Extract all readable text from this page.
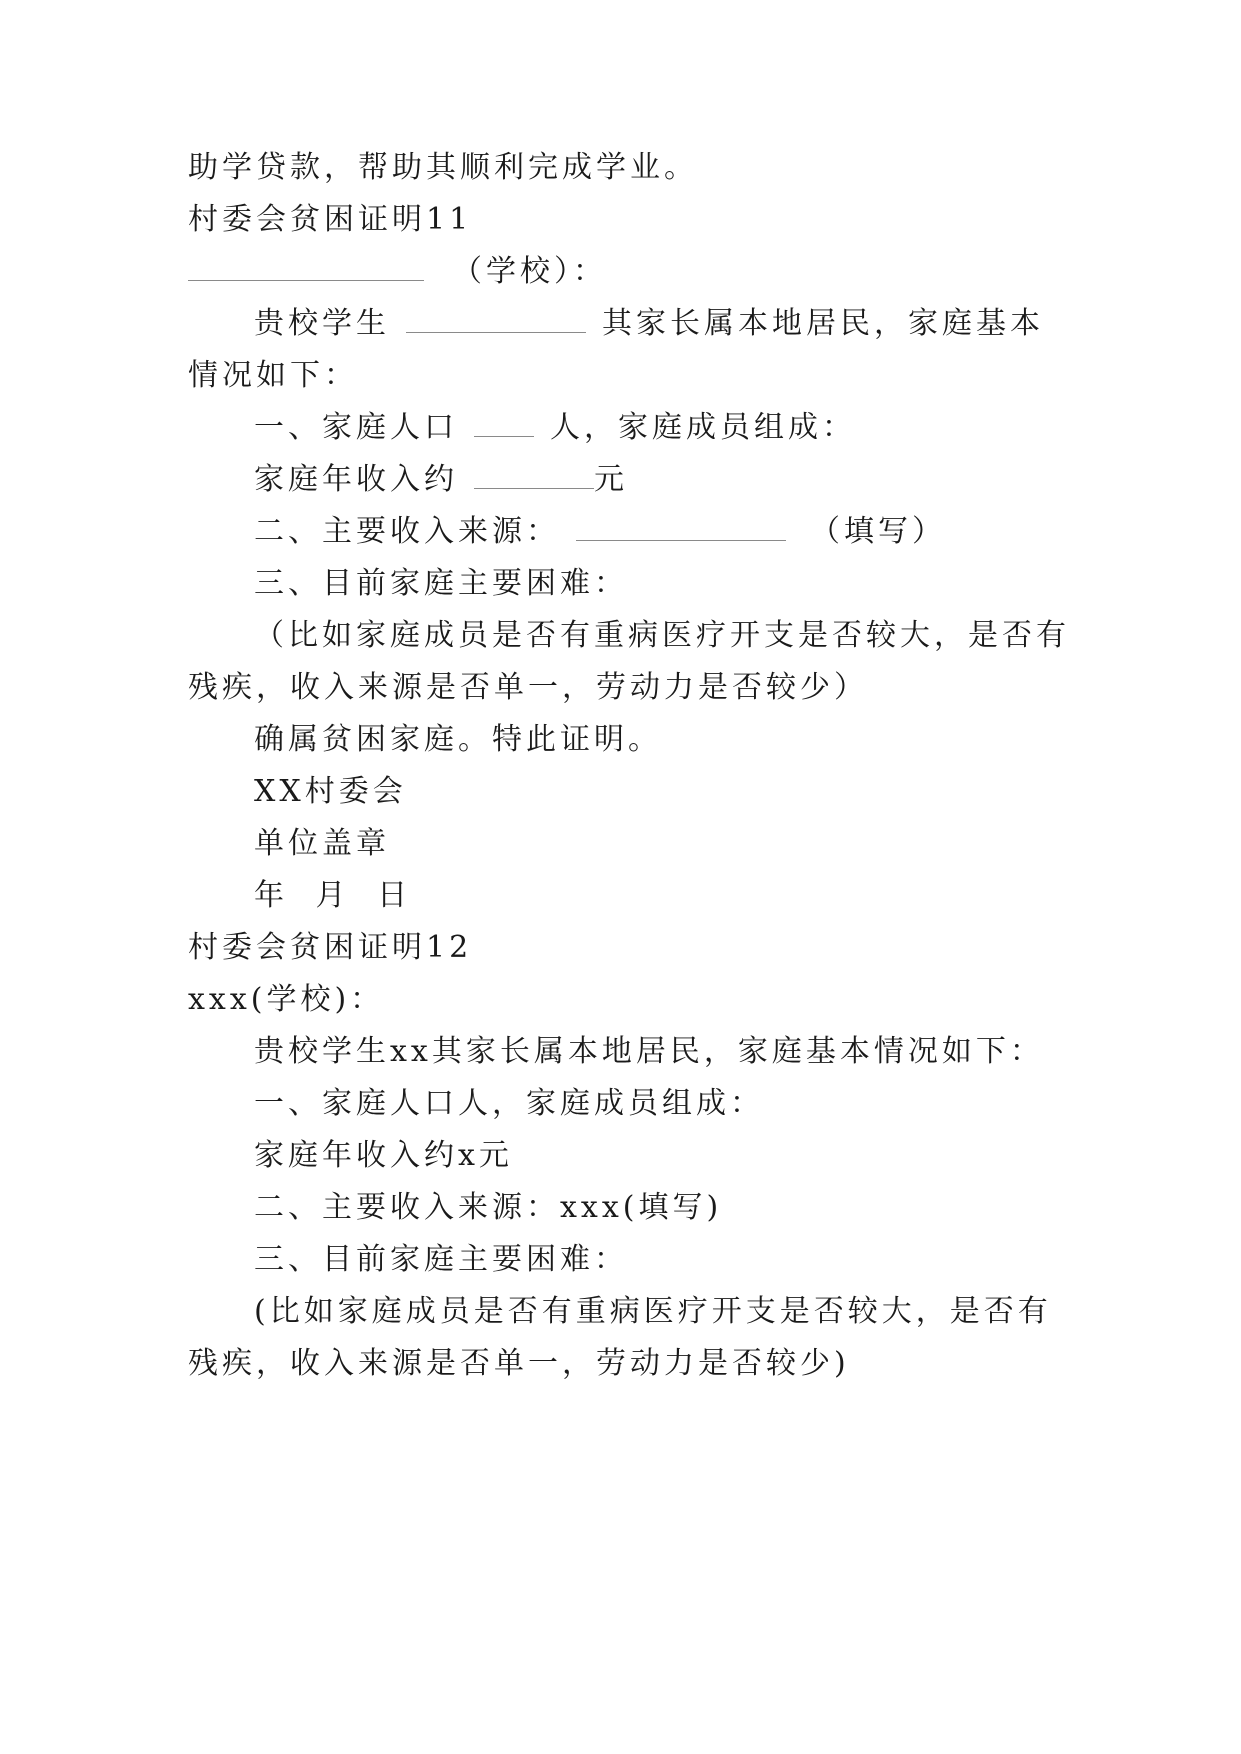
助学贷款，帮助其顺利完成学业。
村委会贫困证明11
（学校）：
贵校学生	其家长属本地居民，家庭基本
情况如下：
一、家庭人口	人，家庭成员组成：
家庭年收入约	元
二、主要收入来源：	（填写）
三、目前家庭主要困难：
（比如家庭成员是否有重病医疗开支是否较大，是否有
残疾，收入来源是否单一，劳动力是否较少）
确属贫困家庭。特此证明。
XX村委会
单位盖章
年 月 日
村委会贫困证明12
xxx(学校)：
贵校学生xx其家长属本地居民，家庭基本情况如下：
一、家庭人口人，家庭成员组成：
家庭年收入约x元
二、主要收入来源：xxx(填写)
三、目前家庭主要困难：
(比如家庭成员是否有重病医疗开支是否较大，是否有
残疾，收入来源是否单一，劳动力是否较少)
